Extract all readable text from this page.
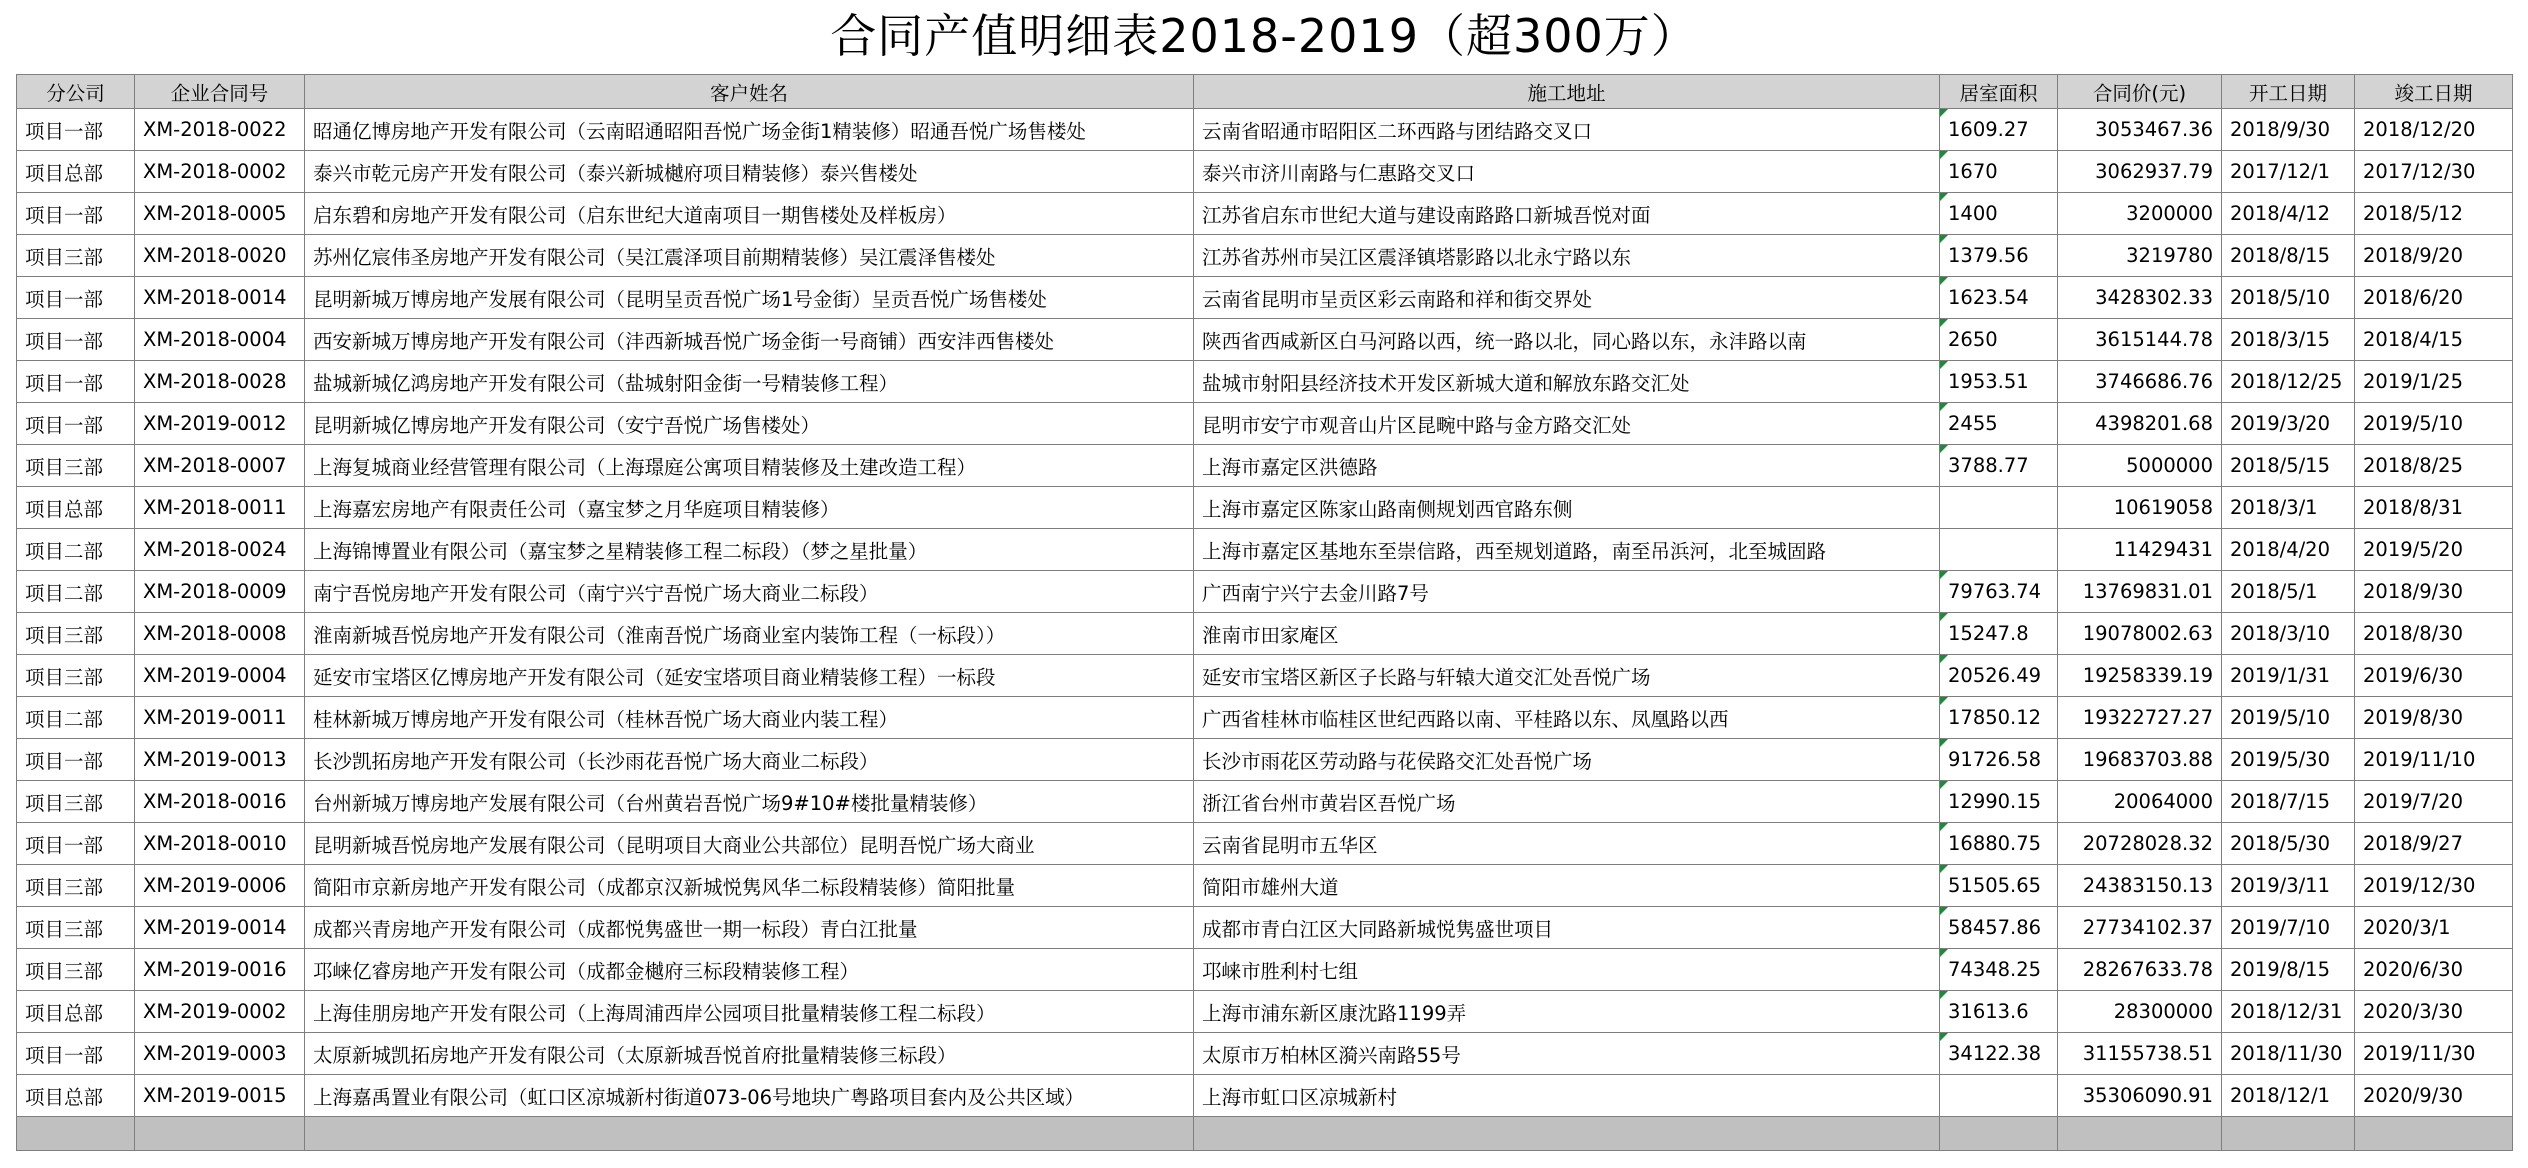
合同产值明细表2018-2019（超300万）
分公司	企业合同号	客户姓名	施工地址	居室面积	合同价(元)	开工日期	竣工日期
项目一部	XM-2018-0022	昭通亿博房地产开发有限公司（云南昭通昭阳吾悦广场金街1精装修）昭通吾悦广场售楼处	云南省昭通市昭阳区二环西路与团结路交叉口	1609.27	3053467.36	2018/9/30	2018/12/20
项目总部	XM-2018-0002	泰兴市乾元房产开发有限公司（泰兴新城樾府项目精装修）泰兴售楼处	泰兴市济川南路与仁惠路交叉口	1670	3062937.79	2017/12/1	2017/12/30
项目一部	XM-2018-0005	启东碧和房地产开发有限公司（启东世纪大道南项目一期售楼处及样板房）	江苏省启东市世纪大道与建设南路路口新城吾悦对面	1400	3200000	2018/4/12	2018/5/12
项目三部	XM-2018-0020	苏州亿宸伟圣房地产开发有限公司（吴江震泽项目前期精装修）吴江震泽售楼处	江苏省苏州市吴江区震泽镇塔影路以北永宁路以东	1379.56	3219780	2018/8/15	2018/9/20
项目一部	XM-2018-0014	昆明新城万博房地产发展有限公司（昆明呈贡吾悦广场1号金街）呈贡吾悦广场售楼处	云南省昆明市呈贡区彩云南路和祥和街交界处	1623.54	3428302.33	2018/5/10	2018/6/20
项目一部	XM-2018-0004	西安新城万博房地产开发有限公司（沣西新城吾悦广场金街一号商铺）西安沣西售楼处	陕西省西咸新区白马河路以西，统一路以北，同心路以东，永沣路以南	2650	3615144.78	2018/3/15	2018/4/15
项目一部	XM-2018-0028	盐城新城亿鸿房地产开发有限公司（盐城射阳金街一号精装修工程）	盐城市射阳县经济技术开发区新城大道和解放东路交汇处	1953.51	3746686.76	2018/12/25	2019/1/25
项目一部	XM-2019-0012	昆明新城亿博房地产开发有限公司（安宁吾悦广场售楼处）	昆明市安宁市观音山片区昆畹中路与金方路交汇处	2455	4398201.68	2019/3/20	2019/5/10
项目三部	XM-2018-0007	上海复城商业经营管理有限公司（上海璟庭公寓项目精装修及土建改造工程）	上海市嘉定区洪德路	3788.77	5000000	2018/5/15	2018/8/25
项目总部	XM-2018-0011	上海嘉宏房地产有限责任公司（嘉宝梦之月华庭项目精装修）	上海市嘉定区陈家山路南侧规划西官路东侧		10619058	2018/3/1	2018/8/31
项目二部	XM-2018-0024	上海锦博置业有限公司（嘉宝梦之星精装修工程二标段）（梦之星批量）	上海市嘉定区基地东至崇信路，西至规划道路，南至吊浜河，北至城固路		11429431	2018/4/20	2019/5/20
项目二部	XM-2018-0009	南宁吾悦房地产开发有限公司（南宁兴宁吾悦广场大商业二标段）	广西南宁兴宁去金川路7号	79763.74	13769831.01	2018/5/1	2018/9/30
项目三部	XM-2018-0008	淮南新城吾悦房地产开发有限公司（淮南吾悦广场商业室内装饰工程（一标段））	淮南市田家庵区	15247.8	19078002.63	2018/3/10	2018/8/30
项目三部	XM-2019-0004	延安市宝塔区亿博房地产开发有限公司（延安宝塔项目商业精装修工程）一标段	延安市宝塔区新区子长路与轩辕大道交汇处吾悦广场	20526.49	19258339.19	2019/1/31	2019/6/30
项目二部	XM-2019-0011	桂林新城万博房地产开发有限公司（桂林吾悦广场大商业内装工程）	广西省桂林市临桂区世纪西路以南、平桂路以东、凤凰路以西	17850.12	19322727.27	2019/5/10	2019/8/30
项目一部	XM-2019-0013	长沙凯拓房地产开发有限公司（长沙雨花吾悦广场大商业二标段）	长沙市雨花区劳动路与花侯路交汇处吾悦广场	91726.58	19683703.88	2019/5/30	2019/11/10
项目三部	XM-2018-0016	台州新城万博房地产发展有限公司（台州黄岩吾悦广场9#10#楼批量精装修）	浙江省台州市黄岩区吾悦广场	12990.15	20064000	2018/7/15	2019/7/20
项目一部	XM-2018-0010	昆明新城吾悦房地产发展有限公司（昆明项目大商业公共部位）昆明吾悦广场大商业	云南省昆明市五华区	16880.75	20728028.32	2018/5/30	2018/9/27
项目三部	XM-2019-0006	简阳市京新房地产开发有限公司（成都京汉新城悦隽风华二标段精装修）简阳批量	简阳市雄州大道	51505.65	24383150.13	2019/3/11	2019/12/30
项目三部	XM-2019-0014	成都兴青房地产开发有限公司（成都悦隽盛世一期一标段）青白江批量	成都市青白江区大同路新城悦隽盛世项目	58457.86	27734102.37	2019/7/10	2020/3/1
项目三部	XM-2019-0016	邛崃亿睿房地产开发有限公司（成都金樾府三标段精装修工程）	邛崃市胜利村七组	74348.25	28267633.78	2019/8/15	2020/6/30
项目总部	XM-2019-0002	上海佳朋房地产开发有限公司（上海周浦西岸公园项目批量精装修工程二标段）	上海市浦东新区康沈路1199弄	31613.6	28300000	2018/12/31	2020/3/30
项目一部	XM-2019-0003	太原新城凯拓房地产开发有限公司（太原新城吾悦首府批量精装修三标段）	太原市万柏林区漪兴南路55号	34122.38	31155738.51	2018/11/30	2019/11/30
项目总部	XM-2019-0015	上海嘉禹置业有限公司（虹口区凉城新村街道073-06号地块广粤路项目套内及公共区域）	上海市虹口区凉城新村		35306090.91	2018/12/1	2020/9/30
